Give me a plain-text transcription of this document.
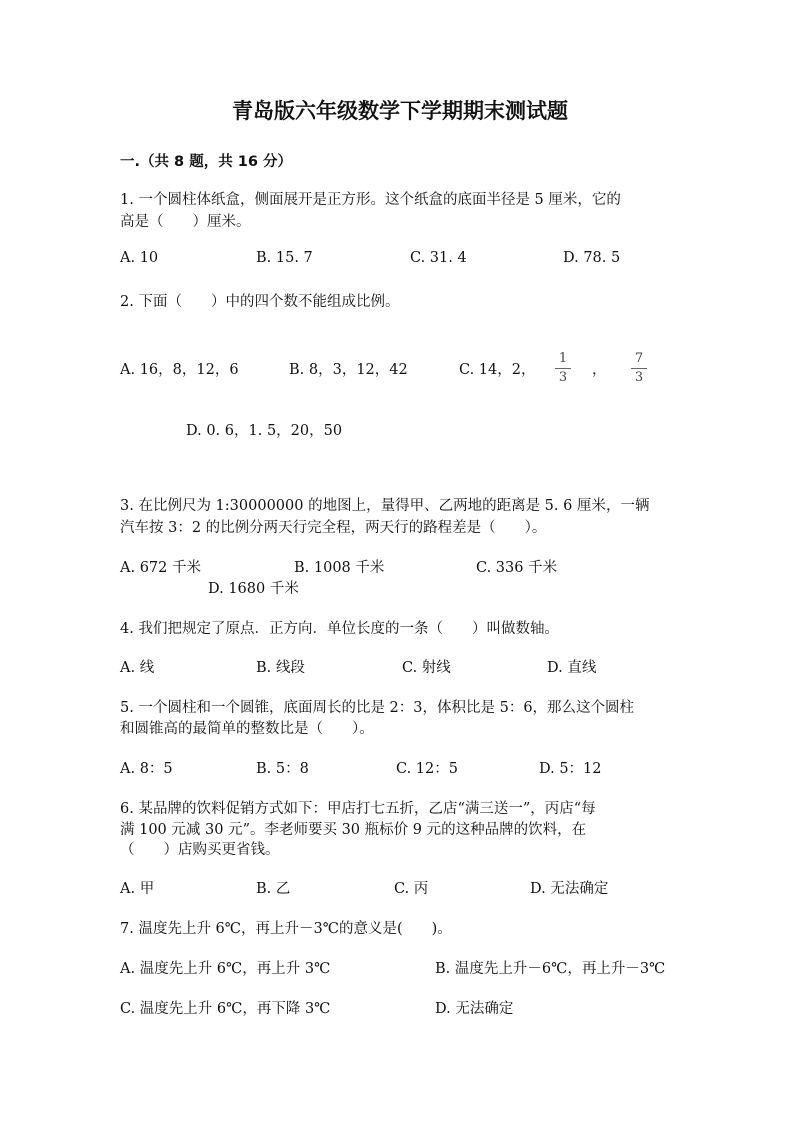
青岛版六年级数学下学期期末测试题
一.（共 8 题，共 16 分）
1. 一个圆柱体纸盒，侧面展开是正方形。这个纸盒的底面半径是 5 厘米，它的
高是（　　）厘米。
A. 10	B. 15. 7	C. 31. 4	D. 78. 5
2. 下面（　　）中的四个数不能组成比例。
A. 16，8，12，6	B. 8，3，12，42	C. 14，2，
1
3 ，
7
3
D. 0. 6，1. 5，20，50
3. 在比例尺为 1:30000000 的地图上，量得甲、乙两地的距离是 5. 6 厘米，一辆
汽车按 3：2 的比例分两天行完全程，两天行的路程差是（　　）。
A. 672 千米	B. 1008 千米	C. 336 千米
D. 1680 千米
4. 我们把规定了原点．正方向．单位长度的一条（　　）叫做数轴。
A. 线	B. 线段	C. 射线	D. 直线
5. 一个圆柱和一个圆锥，底面周长的比是 2：3，体积比是 5：6，那么这个圆柱
和圆锥高的最简单的整数比是（　　）。
A. 8：5	B. 5：8	C. 12：5	D. 5：12
6. 某品牌的饮料促销方式如下：甲店打七五折，乙店“满三送一”，丙店“每
满 100 元减 30 元”。李老师要买 30 瓶标价 9 元的这种品牌的饮料，在
（　　）店购买更省钱。
A. 甲	B. 乙	C. 丙	D. 无法确定
7. 温度先上升 6℃，再上升－3℃的意义是(　　)。
A. 温度先上升 6℃，再上升 3℃	B. 温度先上升－6℃，再上升－3℃
C. 温度先上升 6℃，再下降 3℃	D. 无法确定
